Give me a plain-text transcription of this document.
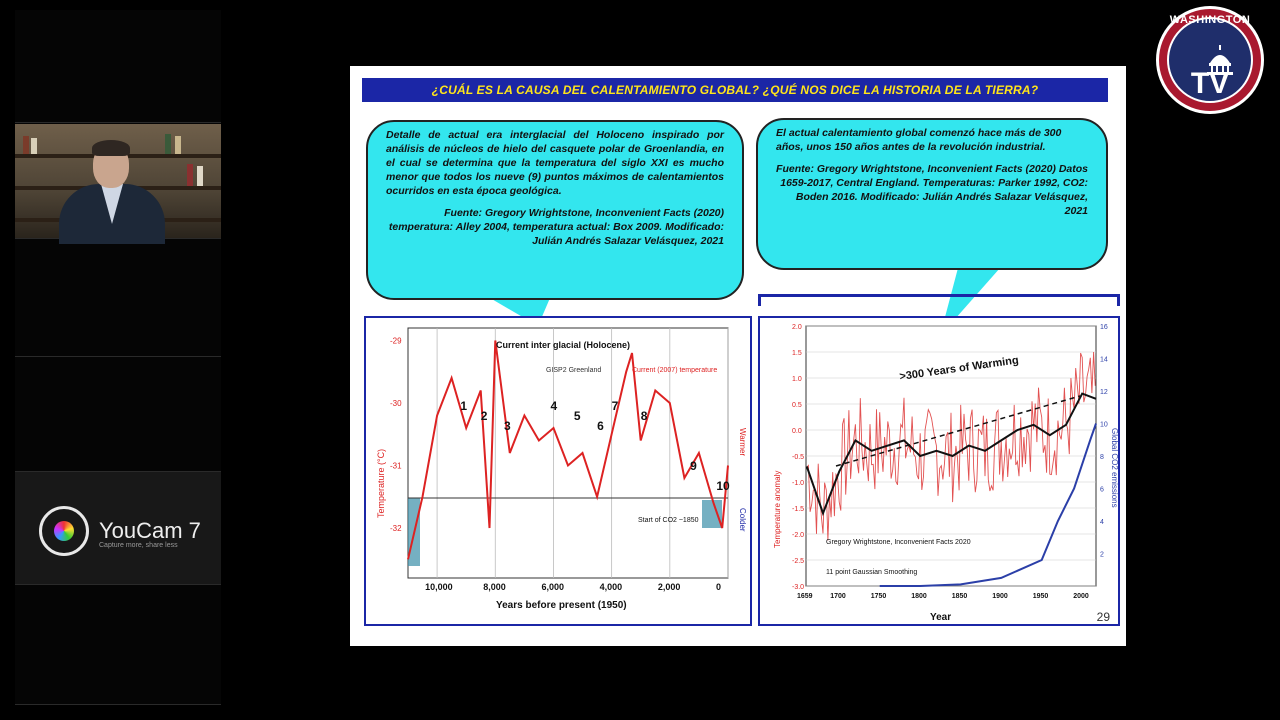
YouCam 7
Capture more, share less
¿CUÁL ES LA CAUSA DEL CALENTAMIENTO GLOBAL? ¿QUÉ NOS DICE LA HISTORIA DE LA TIERRA?
Detalle de actual era interglacial del Holoceno inspirado por análisis de núcleos de hielo del casquete polar de Groenlandia, en el cual se determina que la temperatura del siglo XXI es mucho menor que todos los nueve (9) puntos máximos de calentamientos ocurridos en esta época geológica.
Fuente: Gregory Wrightstone, Inconvenient Facts (2020) temperatura: Alley 2004, temperatura actual: Box 2009. Modificado: Julián Andrés Salazar Velásquez, 2021
El actual calentamiento global comenzó hace más de 300 años, unos 150 años antes de la revolución industrial.
Fuente: Gregory Wrightstone, Inconvenient Facts (2020) Datos 1659-2017, Central England. Temperaturas: Parker 1992, CO2: Boden 2016. Modificado: Julián Andrés Salazar Velásquez, 2021
1
2
3
4
5
6
7
8
9
10
10,000	8,000	6,000	4,000	2,000	0
-29
-30
-31
-32
Current inter glacial (Holocene)
GISP2 Greenland	Current (2007) temperature
Start of CO2 ~1850
Temperature (°C)
Warmer
Colder
Years before present (1950)
1659	1700	1750	1800	1850	1900	1950	2000
2.0
1.5
1.0
0.5
0.0
-0.5
-1.0
-1.5
-2.0
-2.5
-3.0
16
14
12
10
8
6
4
2
>300 Years of Warming
Gregory Wrightstone, Inconvenient Facts 2020
11 point Gaussian Smoothing
Year
Temperature anomaly
Global CO2 emissions
29
WASHINGTON
TV
